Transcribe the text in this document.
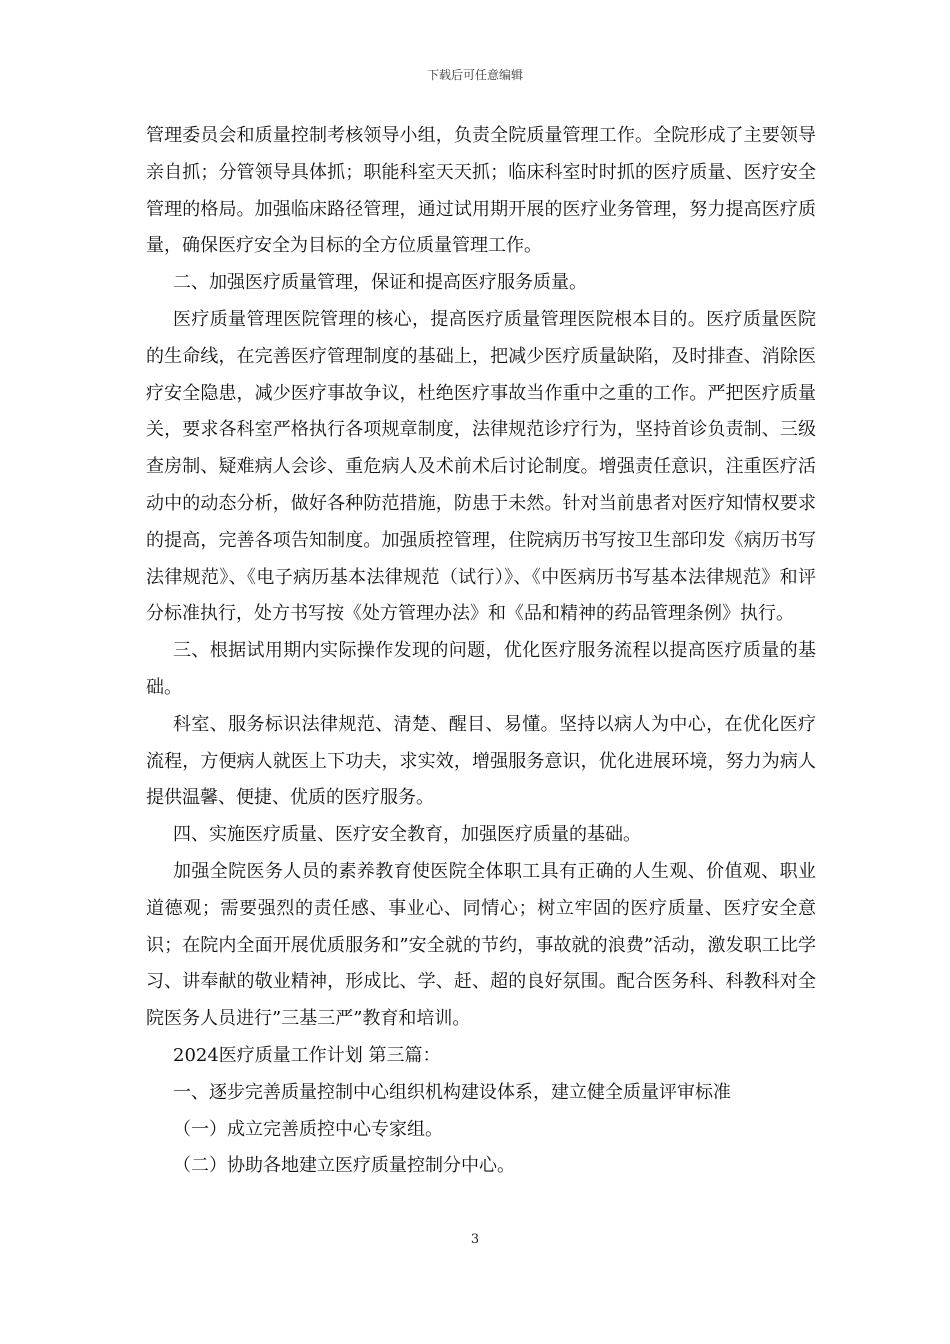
下载后可任意编辑

管理委员会和质量控制考核领导小组，负责全院质量管理工作。全院形成了主要领导亲自抓；分管领导具体抓；职能科室天天抓；临床科室时时抓的医疗质量、医疗安全管理的格局。加强临床路径管理，通过试用期开展的医疗业务管理，努力提高医疗质量，确保医疗安全为目标的全方位质量管理工作。

二、加强医疗质量管理，保证和提高医疗服务质量。

医疗质量管理医院管理的核心，提高医疗质量管理医院根本目的。医疗质量医院的生命线，在完善医疗管理制度的基础上，把减少医疗质量缺陷，及时排查、消除医疗安全隐患，减少医疗事故争议，杜绝医疗事故当作重中之重的工作。严把医疗质量关，要求各科室严格执行各项规章制度，法律规范诊疗行为，坚持首诊负责制、三级查房制、疑难病人会诊、重危病人及术前术后讨论制度。增强责任意识，注重医疗活动中的动态分析，做好各种防范措施，防患于未然。针对当前患者对医疗知情权要求的提高，完善各项告知制度。加强质控管理，住院病历书写按卫生部印发《病历书写法律规范》、《电子病历基本法律规范（试行）》、《中医病历书写基本法律规范》和评分标准执行，处方书写按《处方管理办法》和《品和精神的药品管理条例》执行。

三、根据试用期内实际操作发现的问题，优化医疗服务流程以提高医疗质量的基础。

科室、服务标识法律规范、清楚、醒目、易懂。坚持以病人为中心，在优化医疗流程，方便病人就医上下功夫，求实效，增强服务意识，优化进展环境，努力为病人提供温馨、便捷、优质的医疗服务。

四、实施医疗质量、医疗安全教育，加强医疗质量的基础。

加强全院医务人员的素养教育使医院全体职工具有正确的人生观、价值观、职业道德观；需要强烈的责任感、事业心、同情心；树立牢固的医疗质量、医疗安全意识；在院内全面开展优质服务和”安全就的节约，事故就的浪费”活动，激发职工比学习、讲奉献的敬业精神，形成比、学、赶、超的良好氛围。配合医务科、科教科对全院医务人员进行”三基三严”教育和培训。

2024医疗质量工作计划 第三篇：

一、逐步完善质量控制中心组织机构建设体系，建立健全质量评审标准

（一）成立完善质控中心专家组。

（二）协助各地建立医疗质量控制分中心。

3
